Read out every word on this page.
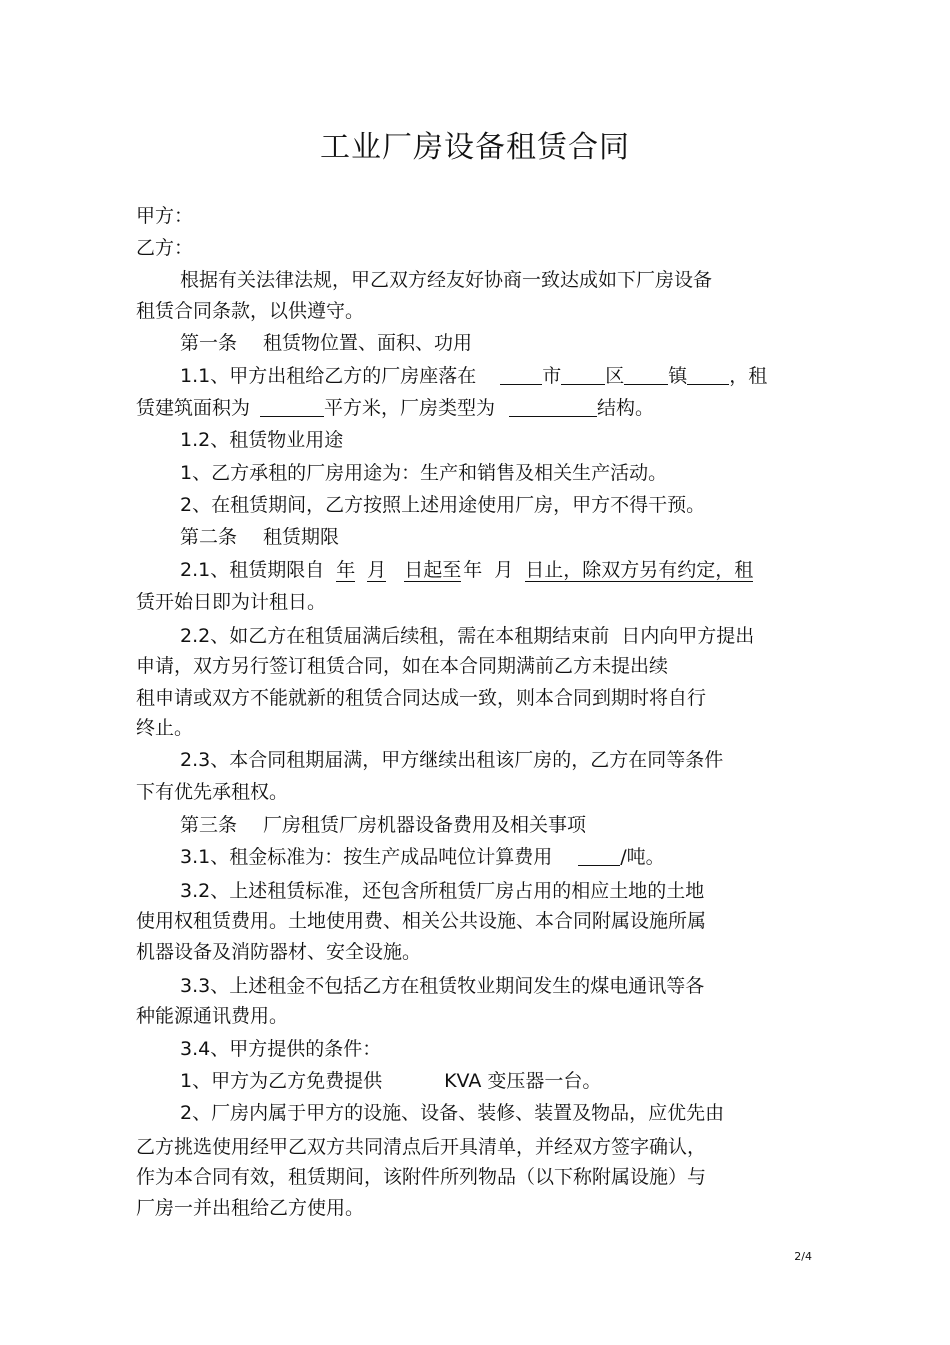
工业厂房设备租赁合同
甲方：
乙方：
根据有关法律法规，甲乙双方经友好协商一致达成如下厂房设备
租赁合同条款，以供遵守。
第一条 租赁物位置、面积、功用
1.1、甲方出租给乙方的厂房座落在	市 区 镇 ，租
赁建筑面积为	平方米，厂房类型为	结构。
1.2、租赁物业用途
1、乙方承租的厂房用途为：生产和销售及相关生产活动。
2、在租赁期间，乙方按照上述用途使用厂房，甲方不得干预。
第二条 租赁期限
2.1、租赁期限自 年 月 日起至 年 月 日止，除双方另有约定，租
赁开始日即为计租日。
2.2、如乙方在租赁届满后续租，需在本租期结束前 日内向甲方提出
申请，双方另行签订租赁合同，如在本合同期满前乙方未提出续
租申请或双方不能就新的租赁合同达成一致，则本合同到期时将自行
终止。
2.3、本合同租期届满，甲方继续出租该厂房的，乙方在同等条件
下有优先承租权。
第三条 厂房租赁厂房机器设备费用及相关事项
3.1、租金标准为：按生产成品吨位计算费用	/吨。
3.2、上述租赁标准，还包含所租赁厂房占用的相应土地的土地
使用权租赁费用。土地使用费、相关公共设施、本合同附属设施所属
机器设备及消防器材、安全设施。
3.3、上述租金不包括乙方在租赁牧业期间发生的煤电通讯等各
种能源通讯费用。
3.4、甲方提供的条件：
1、甲方为乙方免费提供	KVA 变压器一台。
2、厂房内属于甲方的设施、设备、装修、装置及物品，应优先由
乙方挑选使用经甲乙双方共同清点后开具清单，并经双方签字确认，
作为本合同有效，租赁期间，该附件所列物品（以下称附属设施）与
厂房一并出租给乙方使用。
2/4
